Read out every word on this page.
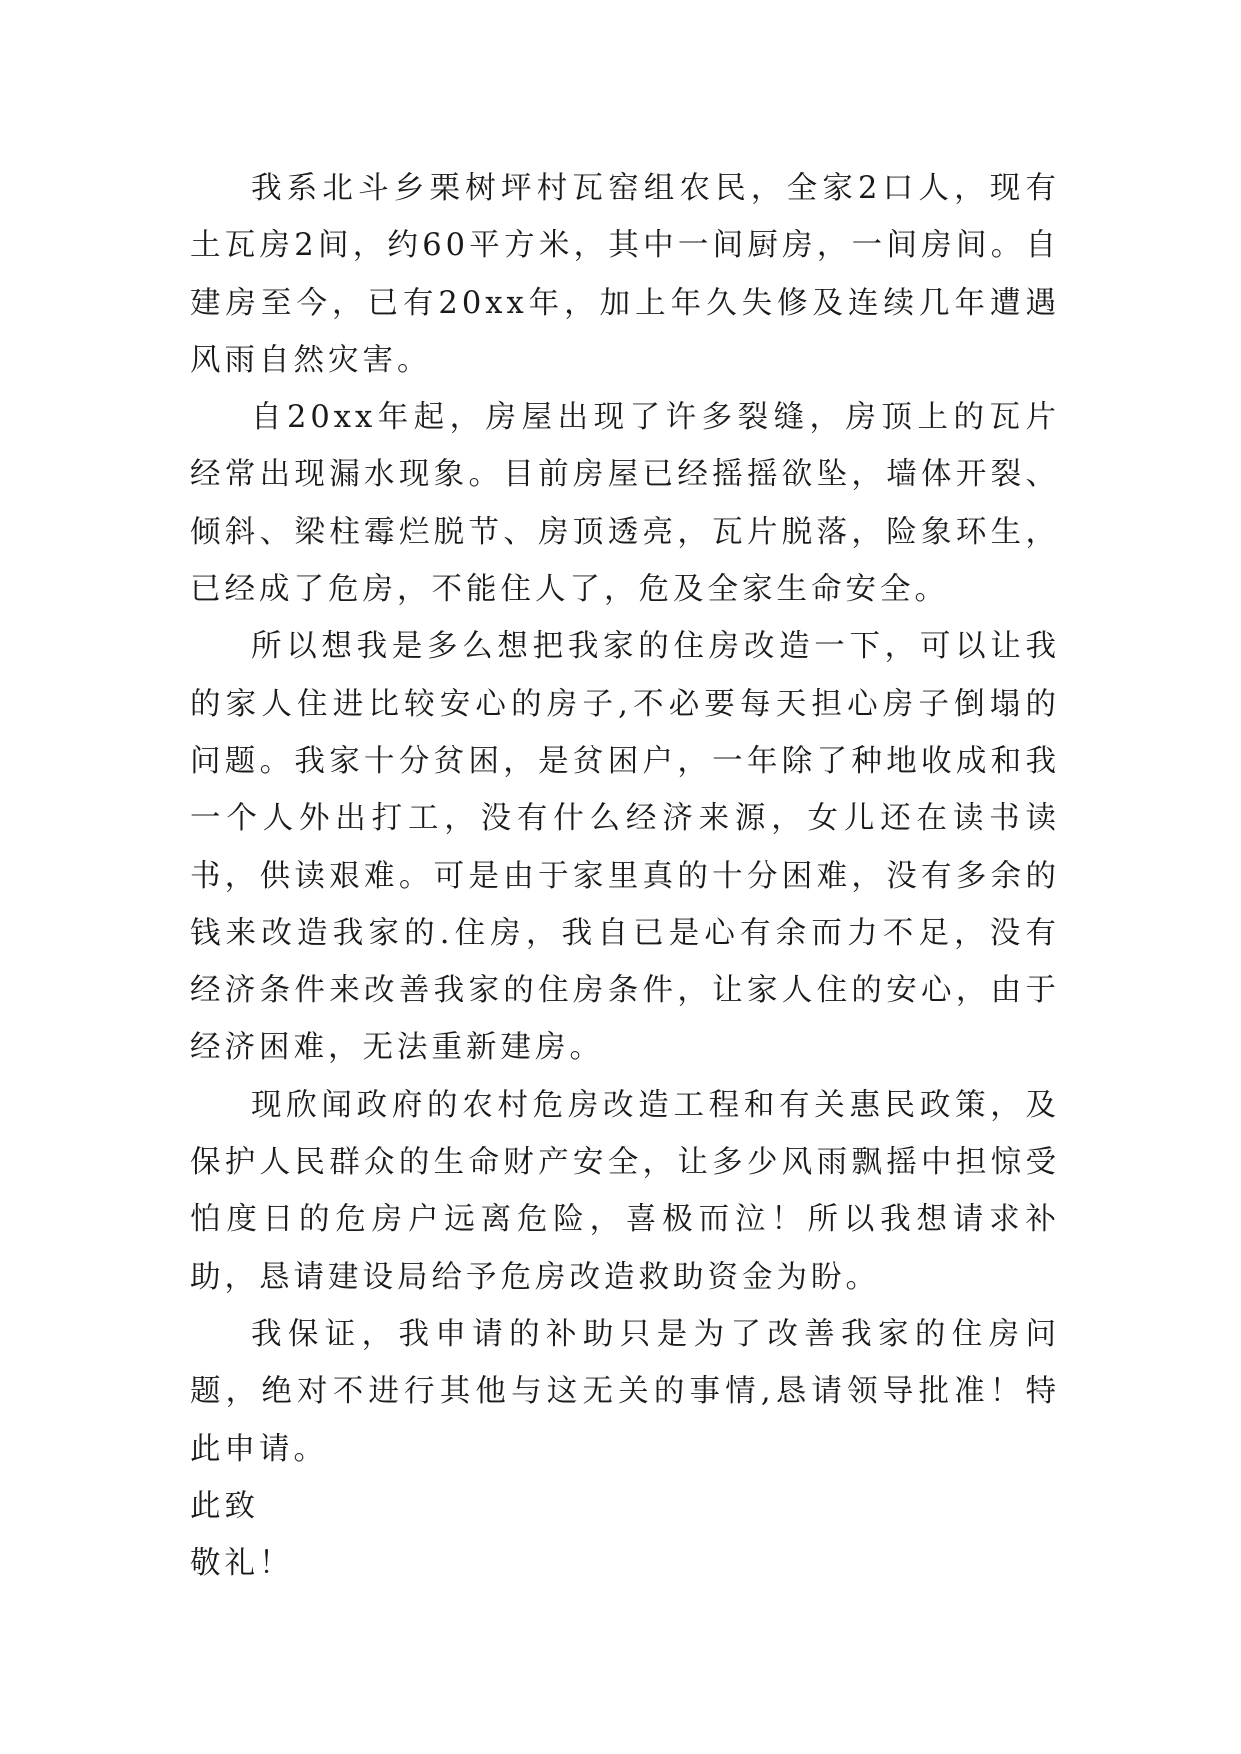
我系北斗乡栗树坪村瓦窑组农民，全家2口人，现有土瓦房2间，约60平方米，其中一间厨房，一间房间。自建房至今，已有20xx年，加上年久失修及连续几年遭遇风雨自然灾害。

自20xx年起，房屋出现了许多裂缝，房顶上的瓦片经常出现漏水现象。目前房屋已经摇摇欲坠，墙体开裂、倾斜、梁柱霉烂脱节、房顶透亮，瓦片脱落，险象环生，已经成了危房，不能住人了，危及全家生命安全。

所以想我是多么想把我家的住房改造一下，可以让我的家人住进比较安心的房子,不必要每天担心房子倒塌的问题。我家十分贫困，是贫困户，一年除了种地收成和我一个人外出打工，没有什么经济来源，女儿还在读书读书，供读艰难。可是由于家里真的十分困难，没有多余的钱来改造我家的.住房，我自已是心有余而力不足，没有经济条件来改善我家的住房条件，让家人住的安心，由于经济困难，无法重新建房。

现欣闻政府的农村危房改造工程和有关惠民政策，及保护人民群众的生命财产安全，让多少风雨飘摇中担惊受怕度日的危房户远离危险，喜极而泣！所以我想请求补助，恳请建设局给予危房改造救助资金为盼。

我保证，我申请的补助只是为了改善我家的住房问题，绝对不进行其他与这无关的事情,恳请领导批准！特此申请。

此致

敬礼！
